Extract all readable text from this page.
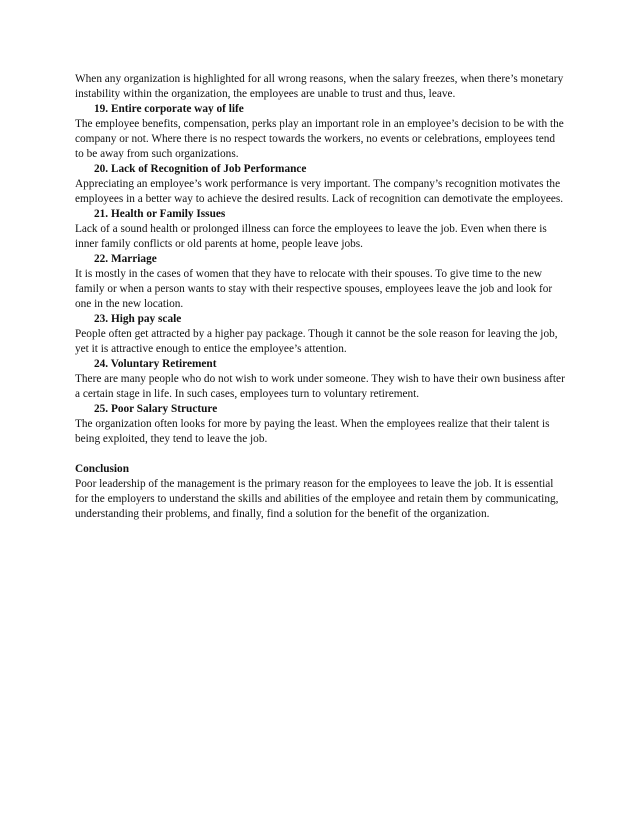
When any organization is highlighted for all wrong reasons, when the salary freezes, when there’s monetary instability within the organization, the employees are unable to trust and thus, leave.

19. Entire corporate way of life

The employee benefits, compensation, perks play an important role in an employee’s decision to be with the company or not. Where there is no respect towards the workers, no events or celebrations, employees tend to be away from such organizations.

20. Lack of Recognition of Job Performance

Appreciating an employee’s work performance is very important. The company’s recognition motivates the employees in a better way to achieve the desired results. Lack of recognition can demotivate the employees.

21. Health or Family Issues

Lack of a sound health or prolonged illness can force the employees to leave the job. Even when there is inner family conflicts or old parents at home, people leave jobs.

22. Marriage

It is mostly in the cases of women that they have to relocate with their spouses. To give time to the new family or when a person wants to stay with their respective spouses, employees leave the job and look for one in the new location.

23. High pay scale

People often get attracted by a higher pay package. Though it cannot be the sole reason for leaving the job, yet it is attractive enough to entice the employee’s attention.

24. Voluntary Retirement

There are many people who do not wish to work under someone. They wish to have their own business after a certain stage in life. In such cases, employees turn to voluntary retirement.

25. Poor Salary Structure

The organization often looks for more by paying the least. When the employees realize that their talent is being exploited, they tend to leave the job.

Conclusion

Poor leadership of the management is the primary reason for the employees to leave the job. It is essential for the employers to understand the skills and abilities of the employee and retain them by communicating, understanding their problems, and finally, find a solution for the benefit of the organization.
